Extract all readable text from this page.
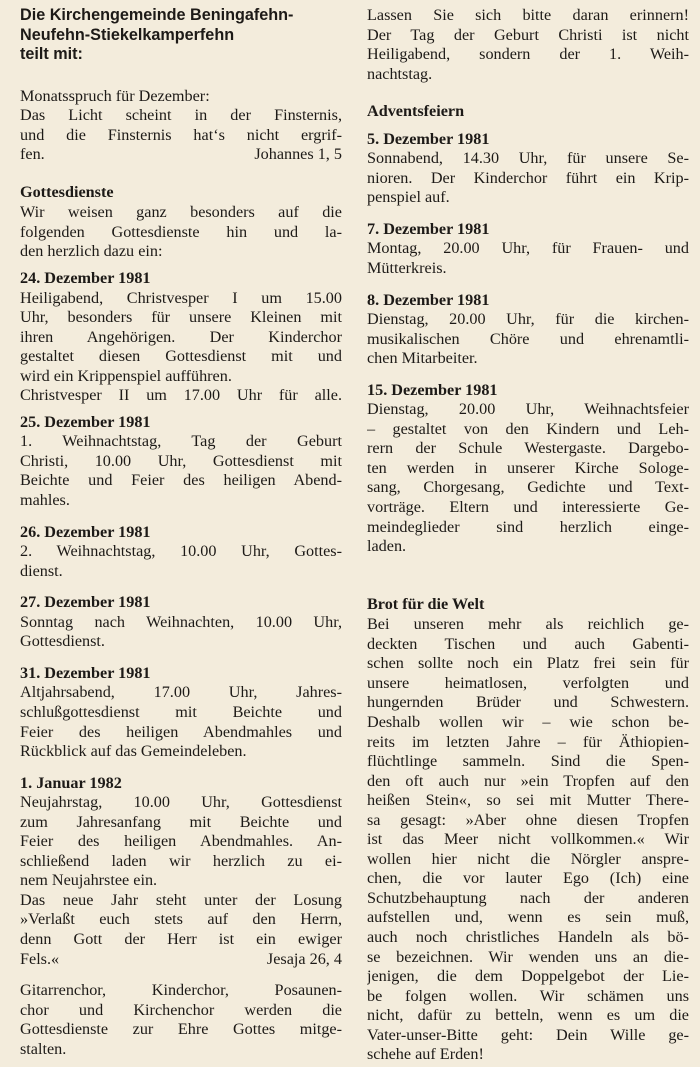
Die Kirchengemeinde Beningafehn-
Neufehn-Stiekelkamperfehn
teilt mit:
Monatsspruch für Dezember:
Das Licht scheint in der Finsternis,
und die Finsternis hat‘s nicht ergrif-
fen.	Johannes 1, 5
Gottesdienste
Wir weisen ganz besonders auf die
folgenden Gottesdienste hin und la-
den herzlich dazu ein:
24. Dezember 1981
Heiligabend, Christvesper I um 15.00
Uhr, besonders für unsere Kleinen mit
ihren Angehörigen. Der Kinderchor
gestaltet diesen Gottesdienst mit und
wird ein Krippenspiel aufführen.
Christvesper II um 17.00 Uhr für alle.
25. Dezember 1981
1. Weihnachtstag, Tag der Geburt
Christi, 10.00 Uhr, Gottesdienst mit
Beichte und Feier des heiligen Abend-
mahles.
26. Dezember 1981
2. Weihnachtstag, 10.00 Uhr, Gottes-
dienst.
27. Dezember 1981
Sonntag nach Weihnachten, 10.00 Uhr,
Gottesdienst.
31. Dezember 1981
Altjahrsabend, 17.00 Uhr, Jahres-
schlußgottesdienst mit Beichte und
Feier des heiligen Abendmahles und
Rückblick auf das Gemeindeleben.
1. Januar 1982
Neujahrstag, 10.00 Uhr, Gottesdienst
zum Jahresanfang mit Beichte und
Feier des heiligen Abendmahles. An-
schließend laden wir herzlich zu ei-
nem Neujahrstee ein.
Das neue Jahr steht unter der Losung
»Verlaßt euch stets auf den Herrn,
denn Gott der Herr ist ein ewiger
Fels.«	Jesaja 26, 4
Gitarrenchor, Kinderchor, Posaunen-
chor und Kirchenchor werden die
Gottesdienste zur Ehre Gottes mitge-
stalten.
Lassen Sie sich bitte daran erinnern!
Der Tag der Geburt Christi ist nicht
Heiligabend, sondern der 1. Weih-
nachtstag.
Adventsfeiern
5. Dezember 1981
Sonnabend, 14.30 Uhr, für unsere Se-
nioren. Der Kinderchor führt ein Krip-
penspiel auf.
7. Dezember 1981
Montag, 20.00 Uhr, für Frauen- und
Mütterkreis.
8. Dezember 1981
Dienstag, 20.00 Uhr, für die kirchen-
musikalischen Chöre und ehrenamtli-
chen Mitarbeiter.
15. Dezember 1981
Dienstag, 20.00 Uhr, Weihnachtsfeier
– gestaltet von den Kindern und Leh-
rern der Schule Westergaste. Dargebo-
ten werden in unserer Kirche Sologe-
sang, Chorgesang, Gedichte und Text-
vorträge. Eltern und interessierte Ge-
meindeglieder sind herzlich einge-
laden.
Brot für die Welt
Bei unseren mehr als reichlich ge-
deckten Tischen und auch Gabenti-
schen sollte noch ein Platz frei sein für
unsere heimatlosen, verfolgten und
hungernden Brüder und Schwestern.
Deshalb wollen wir – wie schon be-
reits im letzten Jahre – für Äthiopien-
flüchtlinge sammeln. Sind die Spen-
den oft auch nur »ein Tropfen auf den
heißen Stein«, so sei mit Mutter There-
sa gesagt: »Aber ohne diesen Tropfen
ist das Meer nicht vollkommen.« Wir
wollen hier nicht die Nörgler anspre-
chen, die vor lauter Ego (Ich) eine
Schutzbehauptung nach der anderen
aufstellen und, wenn es sein muß,
auch noch christliches Handeln als bö-
se bezeichnen. Wir wenden uns an die-
jenigen, die dem Doppelgebot der Lie-
be folgen wollen. Wir schämen uns
nicht, dafür zu betteln, wenn es um die
Vater-unser-Bitte geht: Dein Wille ge-
schehe auf Erden!
